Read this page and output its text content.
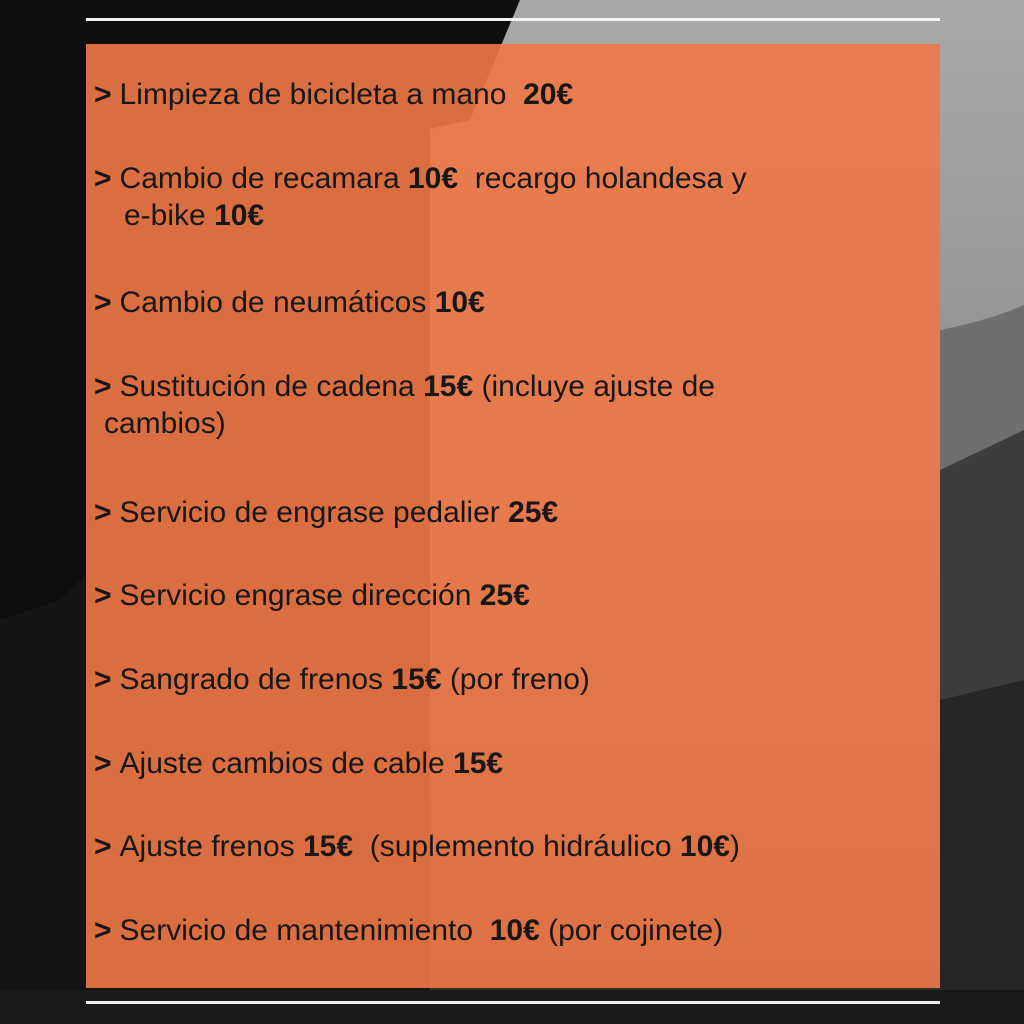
> Limpieza de bicicleta a mano 20€
> Cambio de recamara 10€ recargo holandesa y
e-bike 10€
> Cambio de neumáticos 10€
> Sustitución de cadena 15€ (incluye ajuste de
cambios)
> Servicio de engrase pedalier 25€
> Servicio engrase dirección 25€
> Sangrado de frenos 15€ (por freno)
> Ajuste cambios de cable 15€
> Ajuste frenos 15€ (suplemento hidráulico 10€)
> Servicio de mantenimiento 10€ (por cojinete)
